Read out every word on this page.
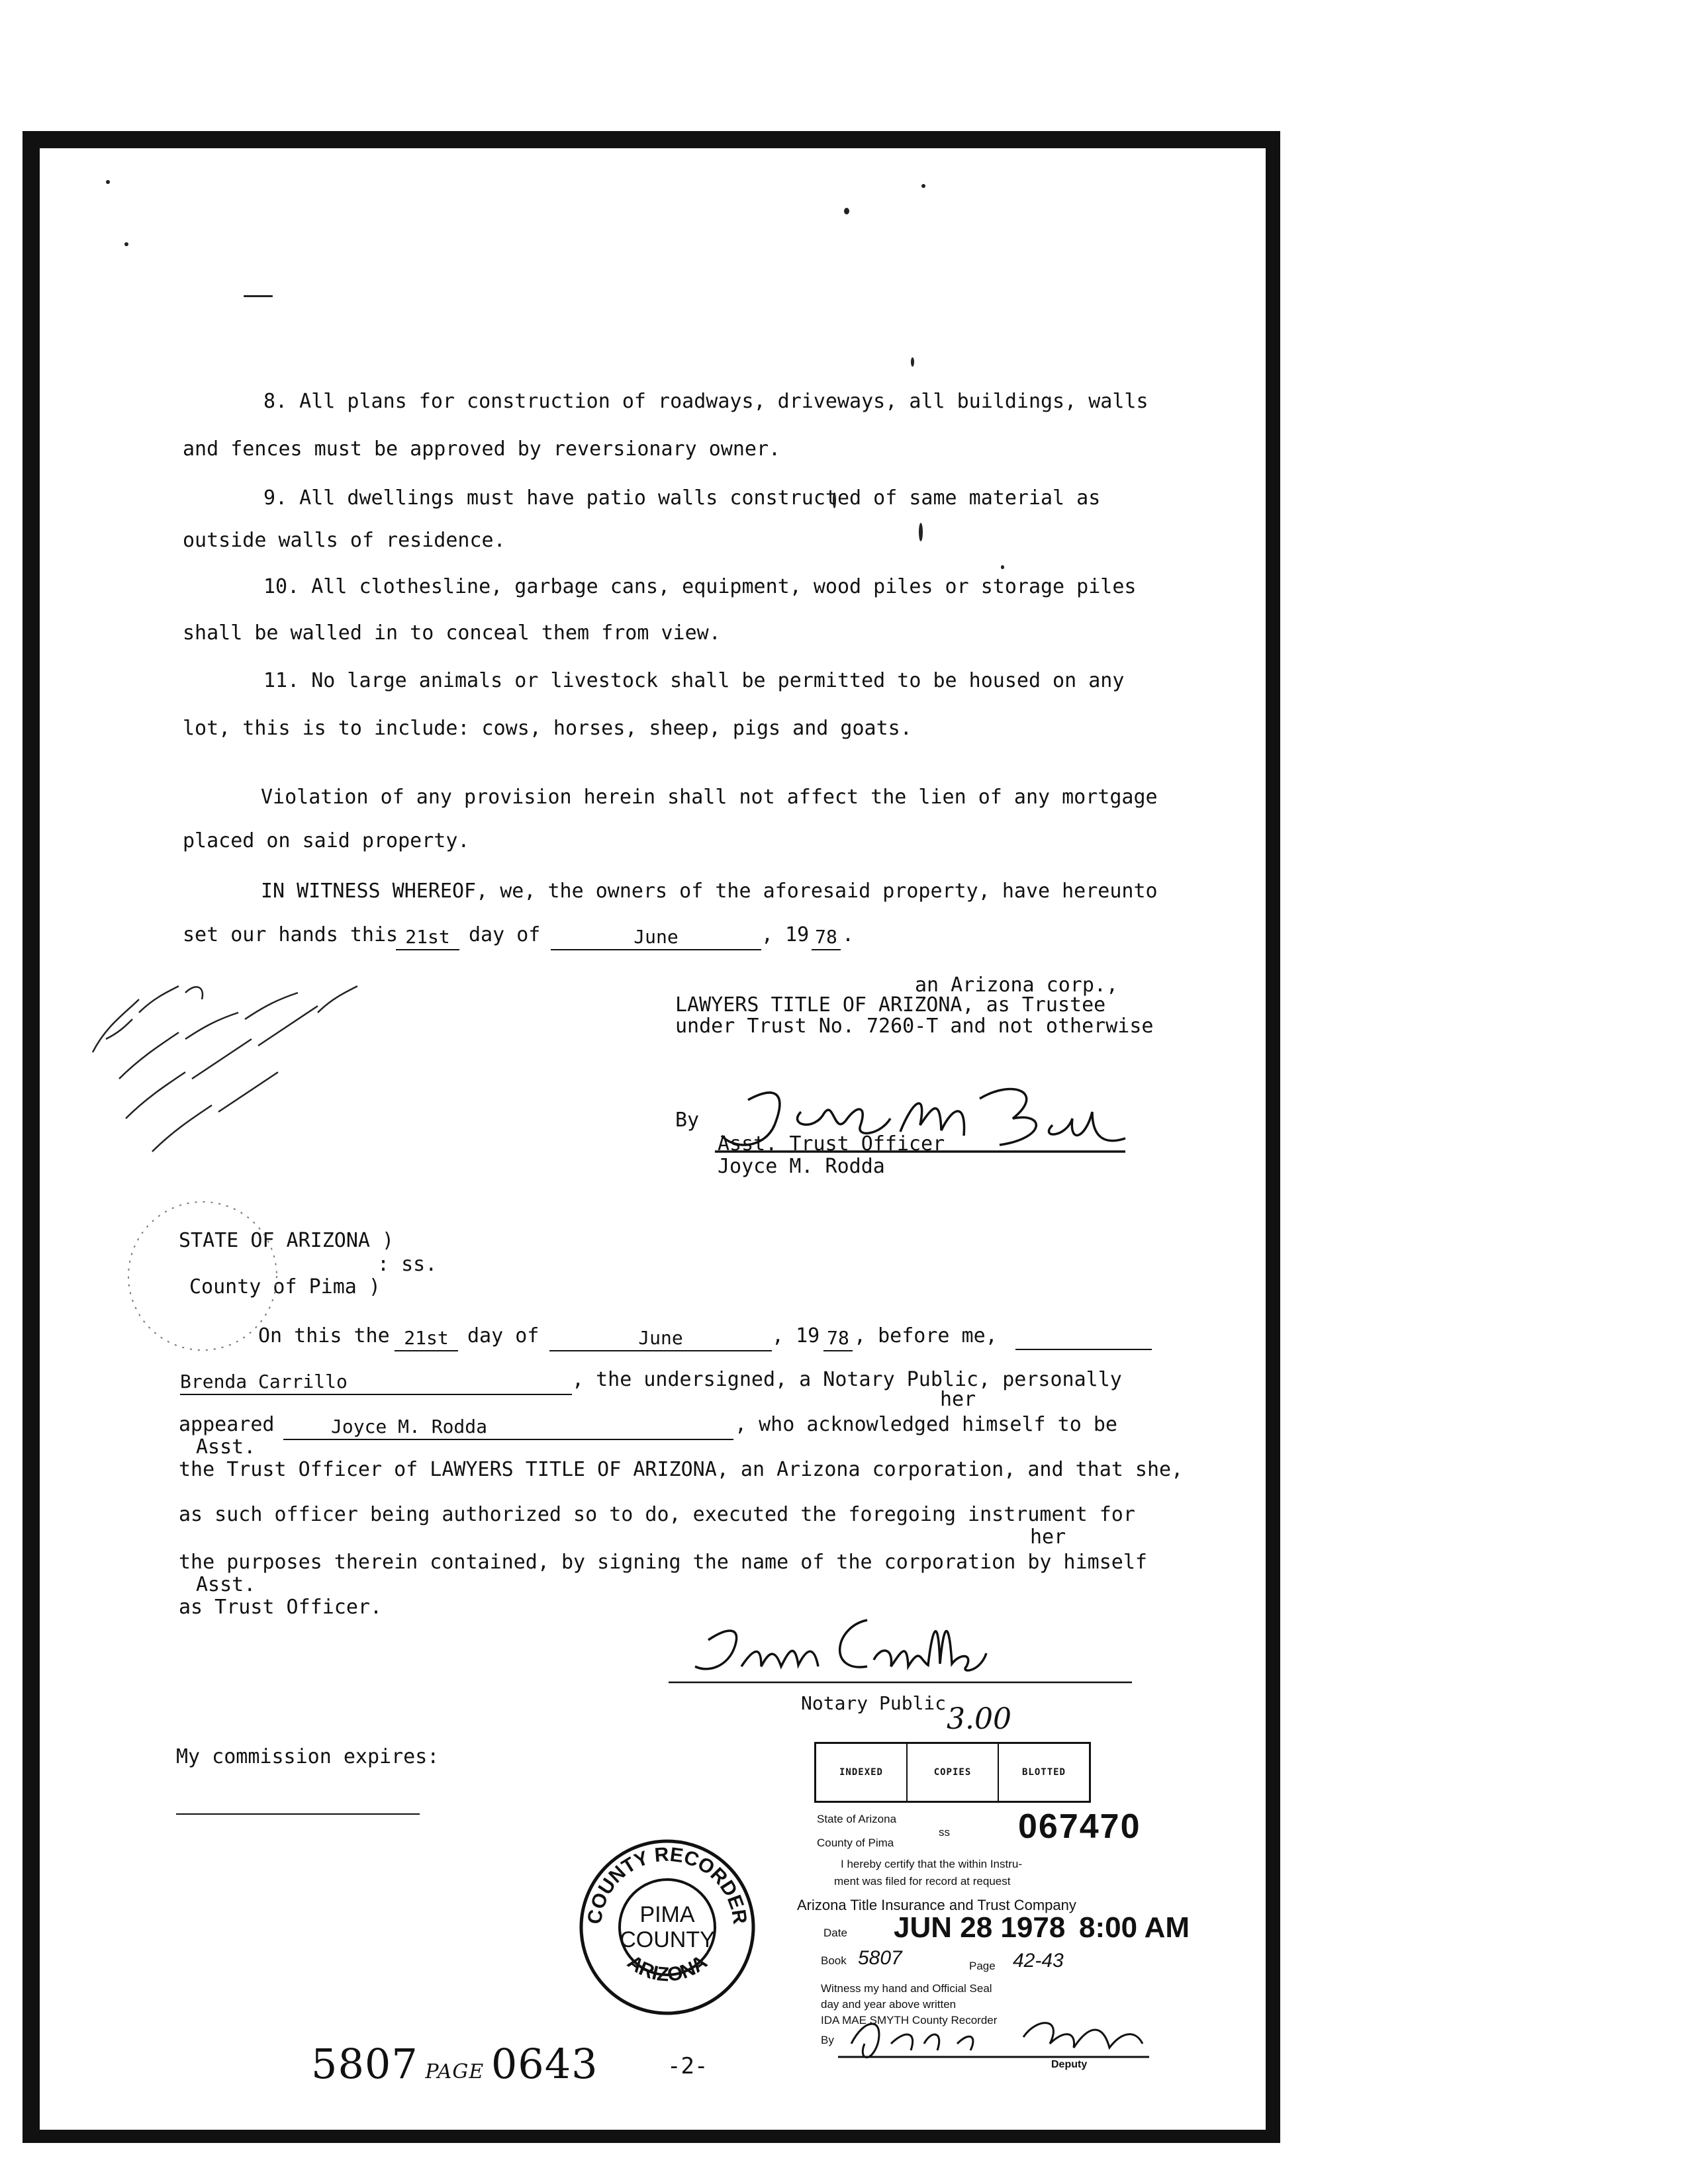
8. All plans for construction of roadways, driveways, all buildings, walls
and fences must be approved by reversionary owner.
9. All dwellings must have patio walls constructed of same material as
outside walls of residence.
10. All clothesline, garbage cans, equipment, wood piles or storage piles
shall be walled in to conceal them from view.
11. No large animals or livestock shall be permitted to be housed on any
lot, this is to include: cows, horses, sheep, pigs and goats.
Violation of any provision herein shall not affect the lien of any mortgage
placed on said property.
IN WITNESS WHEREOF, we, the owners of the aforesaid property, have hereunto
set our hands this 21st day of	June	, 19 78 .
an Arizona corp.,
LAWYERS TITLE OF ARIZONA, as Trustee
under Trust No. 7260-T and not otherwise
By
Asst. Trust Officer
Joyce M. Rodda
STATE OF ARIZONA )
: ss.
County of Pima )
On this the 21st day of	June	, 19 78 , before me,
Brenda Carrillo	, the undersigned, a Notary Public, personally
her
appeared	Joyce M. Rodda	, who acknowledged himself to be
Asst.
the Trust Officer of LAWYERS TITLE OF ARIZONA, an Arizona corporation, and that she,
as such officer being authorized so to do, executed the foregoing instrument for
her
the purposes therein contained, by signing the name of the corporation by himself
Asst.
as Trust Officer.
Notary Public 3.00
My commission expires:
INDEXED	COPIES	BLOTTED
State of Arizona
County of Pima
ss 067470
I hereby certify that the within Instru-
ment was filed for record at request
Arizona Title Insurance and Trust Company
Date JUN 28 1978 8:00 AM
Book 5807	Page 42-43
Witness my hand and Official Seal
day and year above written
IDA MAE SMYTH County Recorder
By
Deputy
COUNTY RECORDER
ARIZONA
PIMA
COUNTY
5807 PAGE 0643	-2-
